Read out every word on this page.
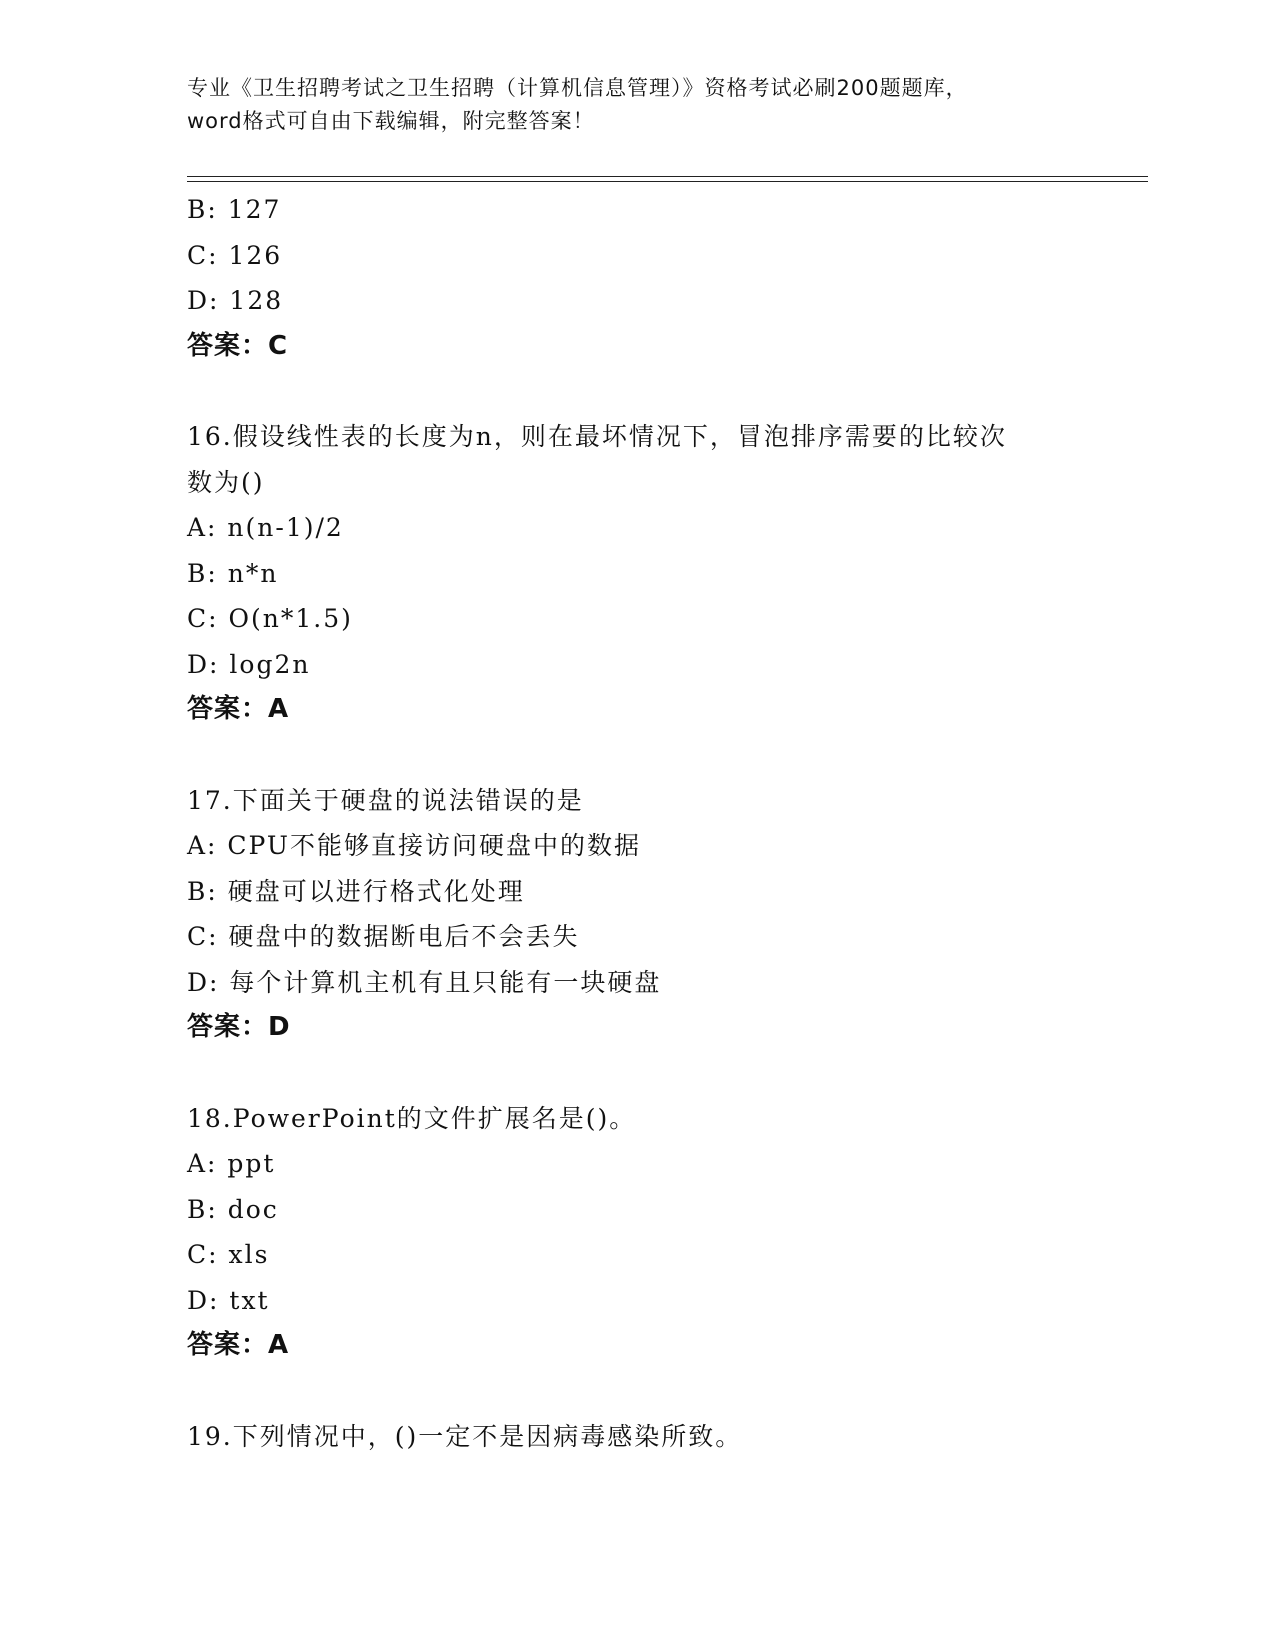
专业《卫生招聘考试之卫生招聘（计算机信息管理）》资格考试必刷200题题库，
word格式可自由下载编辑，附完整答案！
B: 127
C: 126
D: 128
答案：C
16.假设线性表的长度为n，则在最坏情况下，冒泡排序需要的比较次
数为()
A: n(n-1)/2
B: n*n
C: O(n*1.5)
D: log2n
答案：A
17.下面关于硬盘的说法错误的是
A: CPU不能够直接访问硬盘中的数据
B: 硬盘可以进行格式化处理
C: 硬盘中的数据断电后不会丢失
D: 每个计算机主机有且只能有一块硬盘
答案：D
18.PowerPoint的文件扩展名是()。
A: ppt
B: doc
C: xls
D: txt
答案：A
19.下列情况中，()一定不是因病毒感染所致。
